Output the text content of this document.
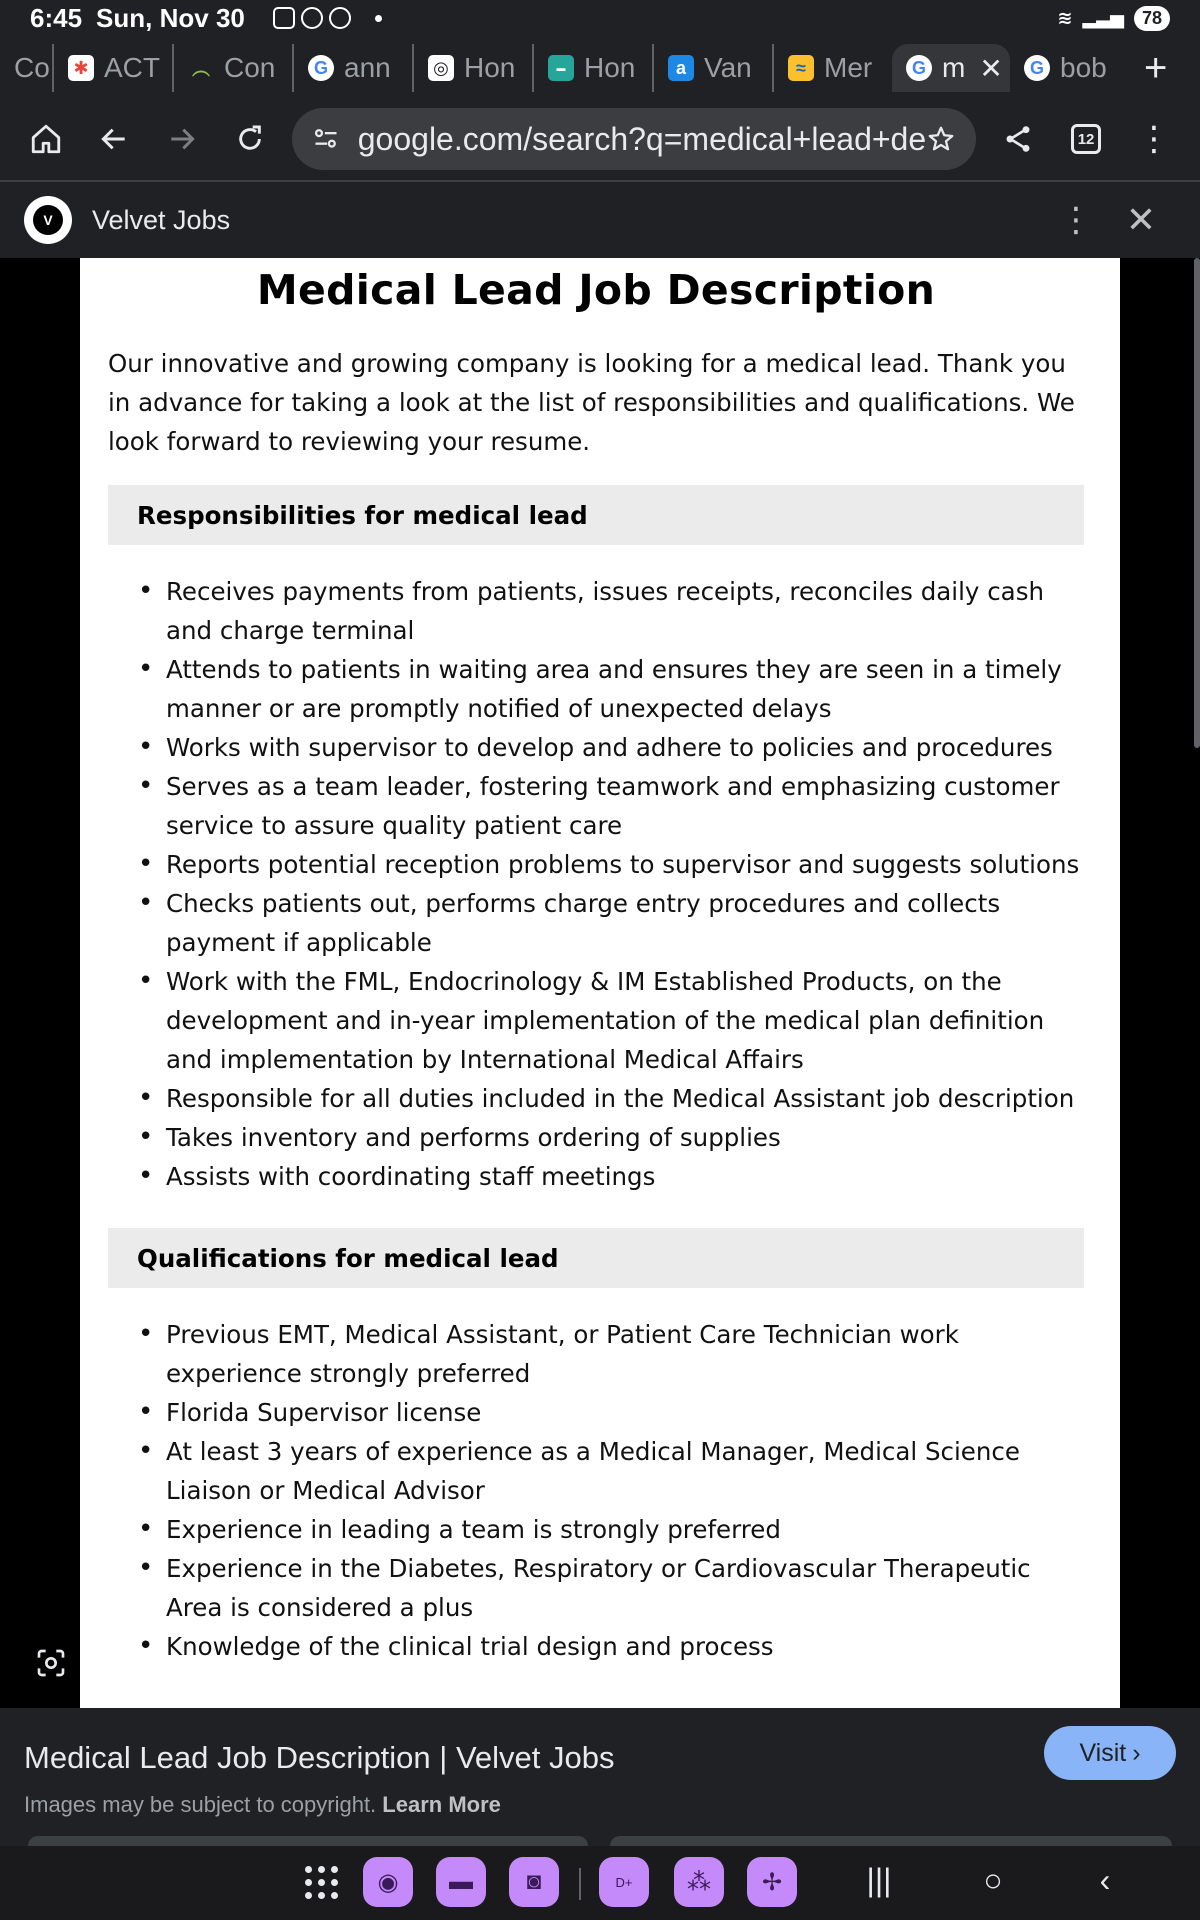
6:45 Sun, Nov 30	≋ ▂▃▅	78
Co	✱ ACT ︵ Con	G ann ◎ Hon	▬ Hon	a Van	≈ Mer	G m ✕	G bob +
google.com/search?q=medical+lead+de	12 ⋮
V	Velvet Jobs	⋮ ✕
Medical Lead Job Description

Our innovative and growing company is looking for a medical lead. Thank you in advance for taking a look at the list of responsibilities and qualifications. We look forward to reviewing your resume.

Responsibilities for medical lead
• Receives payments from patients, issues receipts, reconciles daily cash and charge terminal
• Attends to patients in waiting area and ensures they are seen in a timely manner or are promptly notified of unexpected delays
• Works with supervisor to develop and adhere to policies and procedures
• Serves as a team leader, fostering teamwork and emphasizing customer service to assure quality patient care
• Reports potential reception problems to supervisor and suggests solutions
• Checks patients out, performs charge entry procedures and collects payment if applicable
• Work with the FML, Endocrinology & IM Established Products, on the development and in-year implementation of the medical plan definition and implementation by International Medical Affairs
• Responsible for all duties included in the Medical Assistant job description
• Takes inventory and performs ordering of supplies
• Assists with coordinating staff meetings
Qualifications for medical lead
• Previous EMT, Medical Assistant, or Patient Care Technician work experience strongly preferred
• Florida Supervisor license
• At least 3 years of experience as a Medical Manager, Medical Science Liaison or Medical Advisor
• Experience in leading a team is strongly preferred
• Experience in the Diabetes, Respiratory or Cardiovascular Therapeutic Area is considered a plus
• Knowledge of the clinical trial design and process
Medical Lead Job Description | Velvet Jobs
Images may be subject to copyright. Learn More
Visit ›
◉	▬	◙	D+	⁂	✢	|||	○	‹
